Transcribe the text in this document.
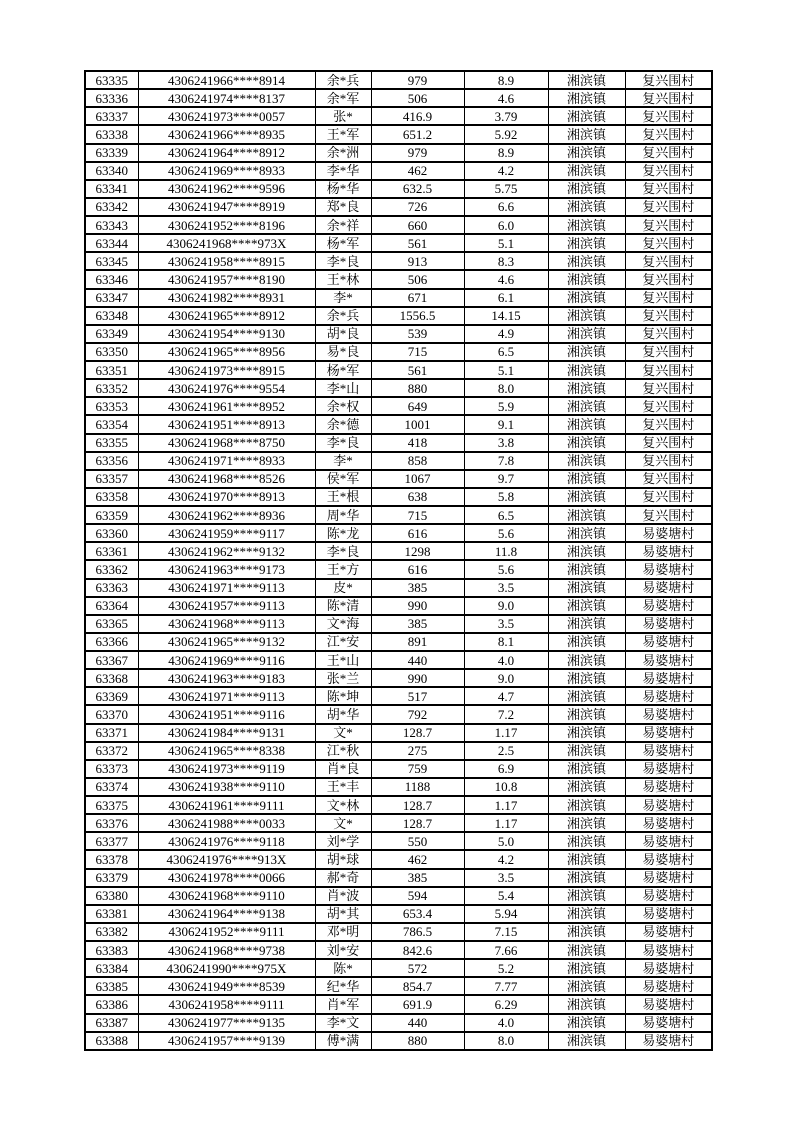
63335	4306241966****8914	余*兵	979	8.9	湘滨镇	复兴围村
63336	4306241974****8137	余*军	506	4.6	湘滨镇	复兴围村
63337	4306241973****0057	张*	416.9	3.79	湘滨镇	复兴围村
63338	4306241966****8935	王*军	651.2	5.92	湘滨镇	复兴围村
63339	4306241964****8912	余*洲	979	8.9	湘滨镇	复兴围村
63340	4306241969****8933	李*华	462	4.2	湘滨镇	复兴围村
63341	4306241962****9596	杨*华	632.5	5.75	湘滨镇	复兴围村
63342	4306241947****8919	郑*良	726	6.6	湘滨镇	复兴围村
63343	4306241952****8196	余*祥	660	6.0	湘滨镇	复兴围村
63344	4306241968****973X	杨*军	561	5.1	湘滨镇	复兴围村
63345	4306241958****8915	李*良	913	8.3	湘滨镇	复兴围村
63346	4306241957****8190	王*林	506	4.6	湘滨镇	复兴围村
63347	4306241982****8931	李*	671	6.1	湘滨镇	复兴围村
63348	4306241965****8912	余*兵	1556.5	14.15	湘滨镇	复兴围村
63349	4306241954****9130	胡*良	539	4.9	湘滨镇	复兴围村
63350	4306241965****8956	易*良	715	6.5	湘滨镇	复兴围村
63351	4306241973****8915	杨*军	561	5.1	湘滨镇	复兴围村
63352	4306241976****9554	李*山	880	8.0	湘滨镇	复兴围村
63353	4306241961****8952	余*权	649	5.9	湘滨镇	复兴围村
63354	4306241951****8913	余*德	1001	9.1	湘滨镇	复兴围村
63355	4306241968****8750	李*良	418	3.8	湘滨镇	复兴围村
63356	4306241971****8933	李*	858	7.8	湘滨镇	复兴围村
63357	4306241968****8526	侯*军	1067	9.7	湘滨镇	复兴围村
63358	4306241970****8913	王*根	638	5.8	湘滨镇	复兴围村
63359	4306241962****8936	周*华	715	6.5	湘滨镇	复兴围村
63360	4306241959****9117	陈*龙	616	5.6	湘滨镇	易婆塘村
63361	4306241962****9132	李*良	1298	11.8	湘滨镇	易婆塘村
63362	4306241963****9173	王*方	616	5.6	湘滨镇	易婆塘村
63363	4306241971****9113	皮*	385	3.5	湘滨镇	易婆塘村
63364	4306241957****9113	陈*清	990	9.0	湘滨镇	易婆塘村
63365	4306241968****9113	文*海	385	3.5	湘滨镇	易婆塘村
63366	4306241965****9132	江*安	891	8.1	湘滨镇	易婆塘村
63367	4306241969****9116	王*山	440	4.0	湘滨镇	易婆塘村
63368	4306241963****9183	张*兰	990	9.0	湘滨镇	易婆塘村
63369	4306241971****9113	陈*坤	517	4.7	湘滨镇	易婆塘村
63370	4306241951****9116	胡*华	792	7.2	湘滨镇	易婆塘村
63371	4306241984****9131	文*	128.7	1.17	湘滨镇	易婆塘村
63372	4306241965****8338	江*秋	275	2.5	湘滨镇	易婆塘村
63373	4306241973****9119	肖*良	759	6.9	湘滨镇	易婆塘村
63374	4306241938****9110	王*丰	1188	10.8	湘滨镇	易婆塘村
63375	4306241961****9111	文*林	128.7	1.17	湘滨镇	易婆塘村
63376	4306241988****0033	文*	128.7	1.17	湘滨镇	易婆塘村
63377	4306241976****9118	刘*学	550	5.0	湘滨镇	易婆塘村
63378	4306241976****913X	胡*球	462	4.2	湘滨镇	易婆塘村
63379	4306241978****0066	郝*奇	385	3.5	湘滨镇	易婆塘村
63380	4306241968****9110	肖*波	594	5.4	湘滨镇	易婆塘村
63381	4306241964****9138	胡*其	653.4	5.94	湘滨镇	易婆塘村
63382	4306241952****9111	邓*明	786.5	7.15	湘滨镇	易婆塘村
63383	4306241968****9738	刘*安	842.6	7.66	湘滨镇	易婆塘村
63384	4306241990****975X	陈*	572	5.2	湘滨镇	易婆塘村
63385	4306241949****8539	纪*华	854.7	7.77	湘滨镇	易婆塘村
63386	4306241958****9111	肖*军	691.9	6.29	湘滨镇	易婆塘村
63387	4306241977****9135	李*文	440	4.0	湘滨镇	易婆塘村
63388	4306241957****9139	傅*满	880	8.0	湘滨镇	易婆塘村
